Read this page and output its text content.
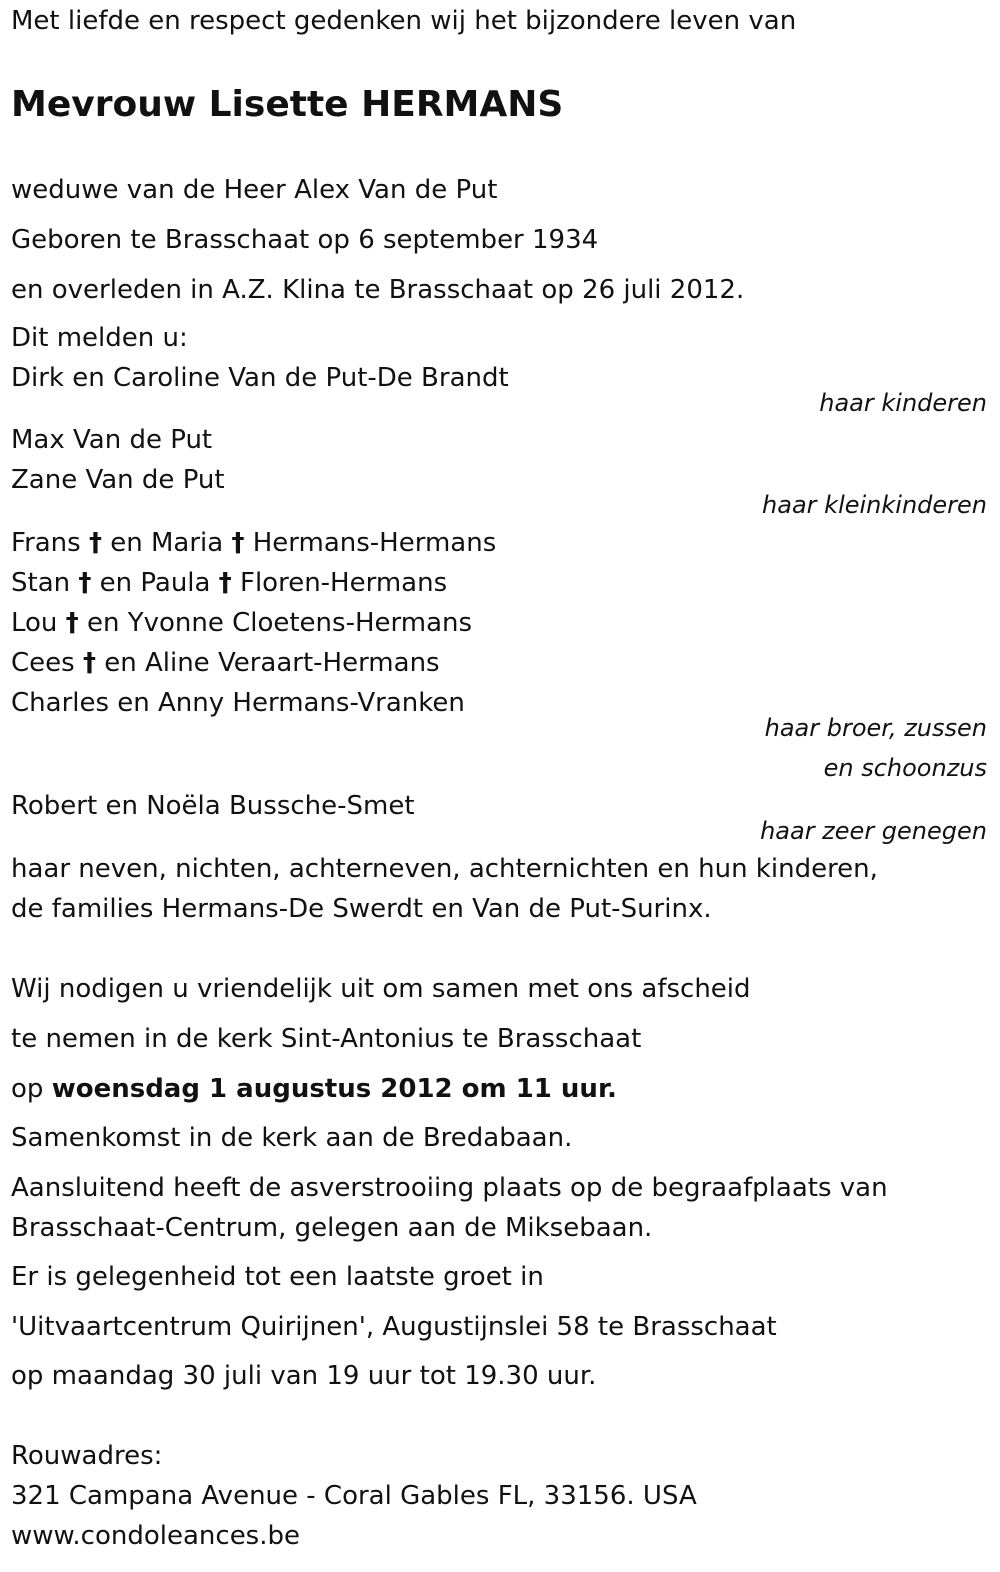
Met liefde en respect gedenken wij het bijzondere leven van
Mevrouw Lisette HERMANS
weduwe van de Heer Alex Van de Put
Geboren te Brasschaat op 6 september 1934
en overleden in A.Z. Klina te Brasschaat op 26 juli 2012.
Dit melden u:
Dirk en Caroline Van de Put-De Brandt
haar kinderen
Max Van de Put
Zane Van de Put
haar kleinkinderen
Frans † en Maria † Hermans-Hermans
Stan † en Paula † Floren-Hermans
Lou † en Yvonne Cloetens-Hermans
Cees † en Aline Veraart-Hermans
Charles en Anny Hermans-Vranken
haar broer, zussen
en schoonzus
Robert en Noëla Bussche-Smet
haar zeer genegen
haar neven, nichten, achterneven, achternichten en hun kinderen,
de families Hermans-De Swerdt en Van de Put-Surinx.
Wij nodigen u vriendelijk uit om samen met ons afscheid
te nemen in de kerk Sint-Antonius te Brasschaat
op woensdag 1 augustus 2012 om 11 uur.
Samenkomst in de kerk aan de Bredabaan.
Aansluitend heeft de asverstrooiing plaats op de begraafplaats van
Brasschaat-Centrum, gelegen aan de Miksebaan.
Er is gelegenheid tot een laatste groet in
'Uitvaartcentrum Quirijnen', Augustijnslei 58 te Brasschaat
op maandag 30 juli van 19 uur tot 19.30 uur.
Rouwadres:
321 Campana Avenue - Coral Gables FL, 33156. USA
www.condoleances.be
